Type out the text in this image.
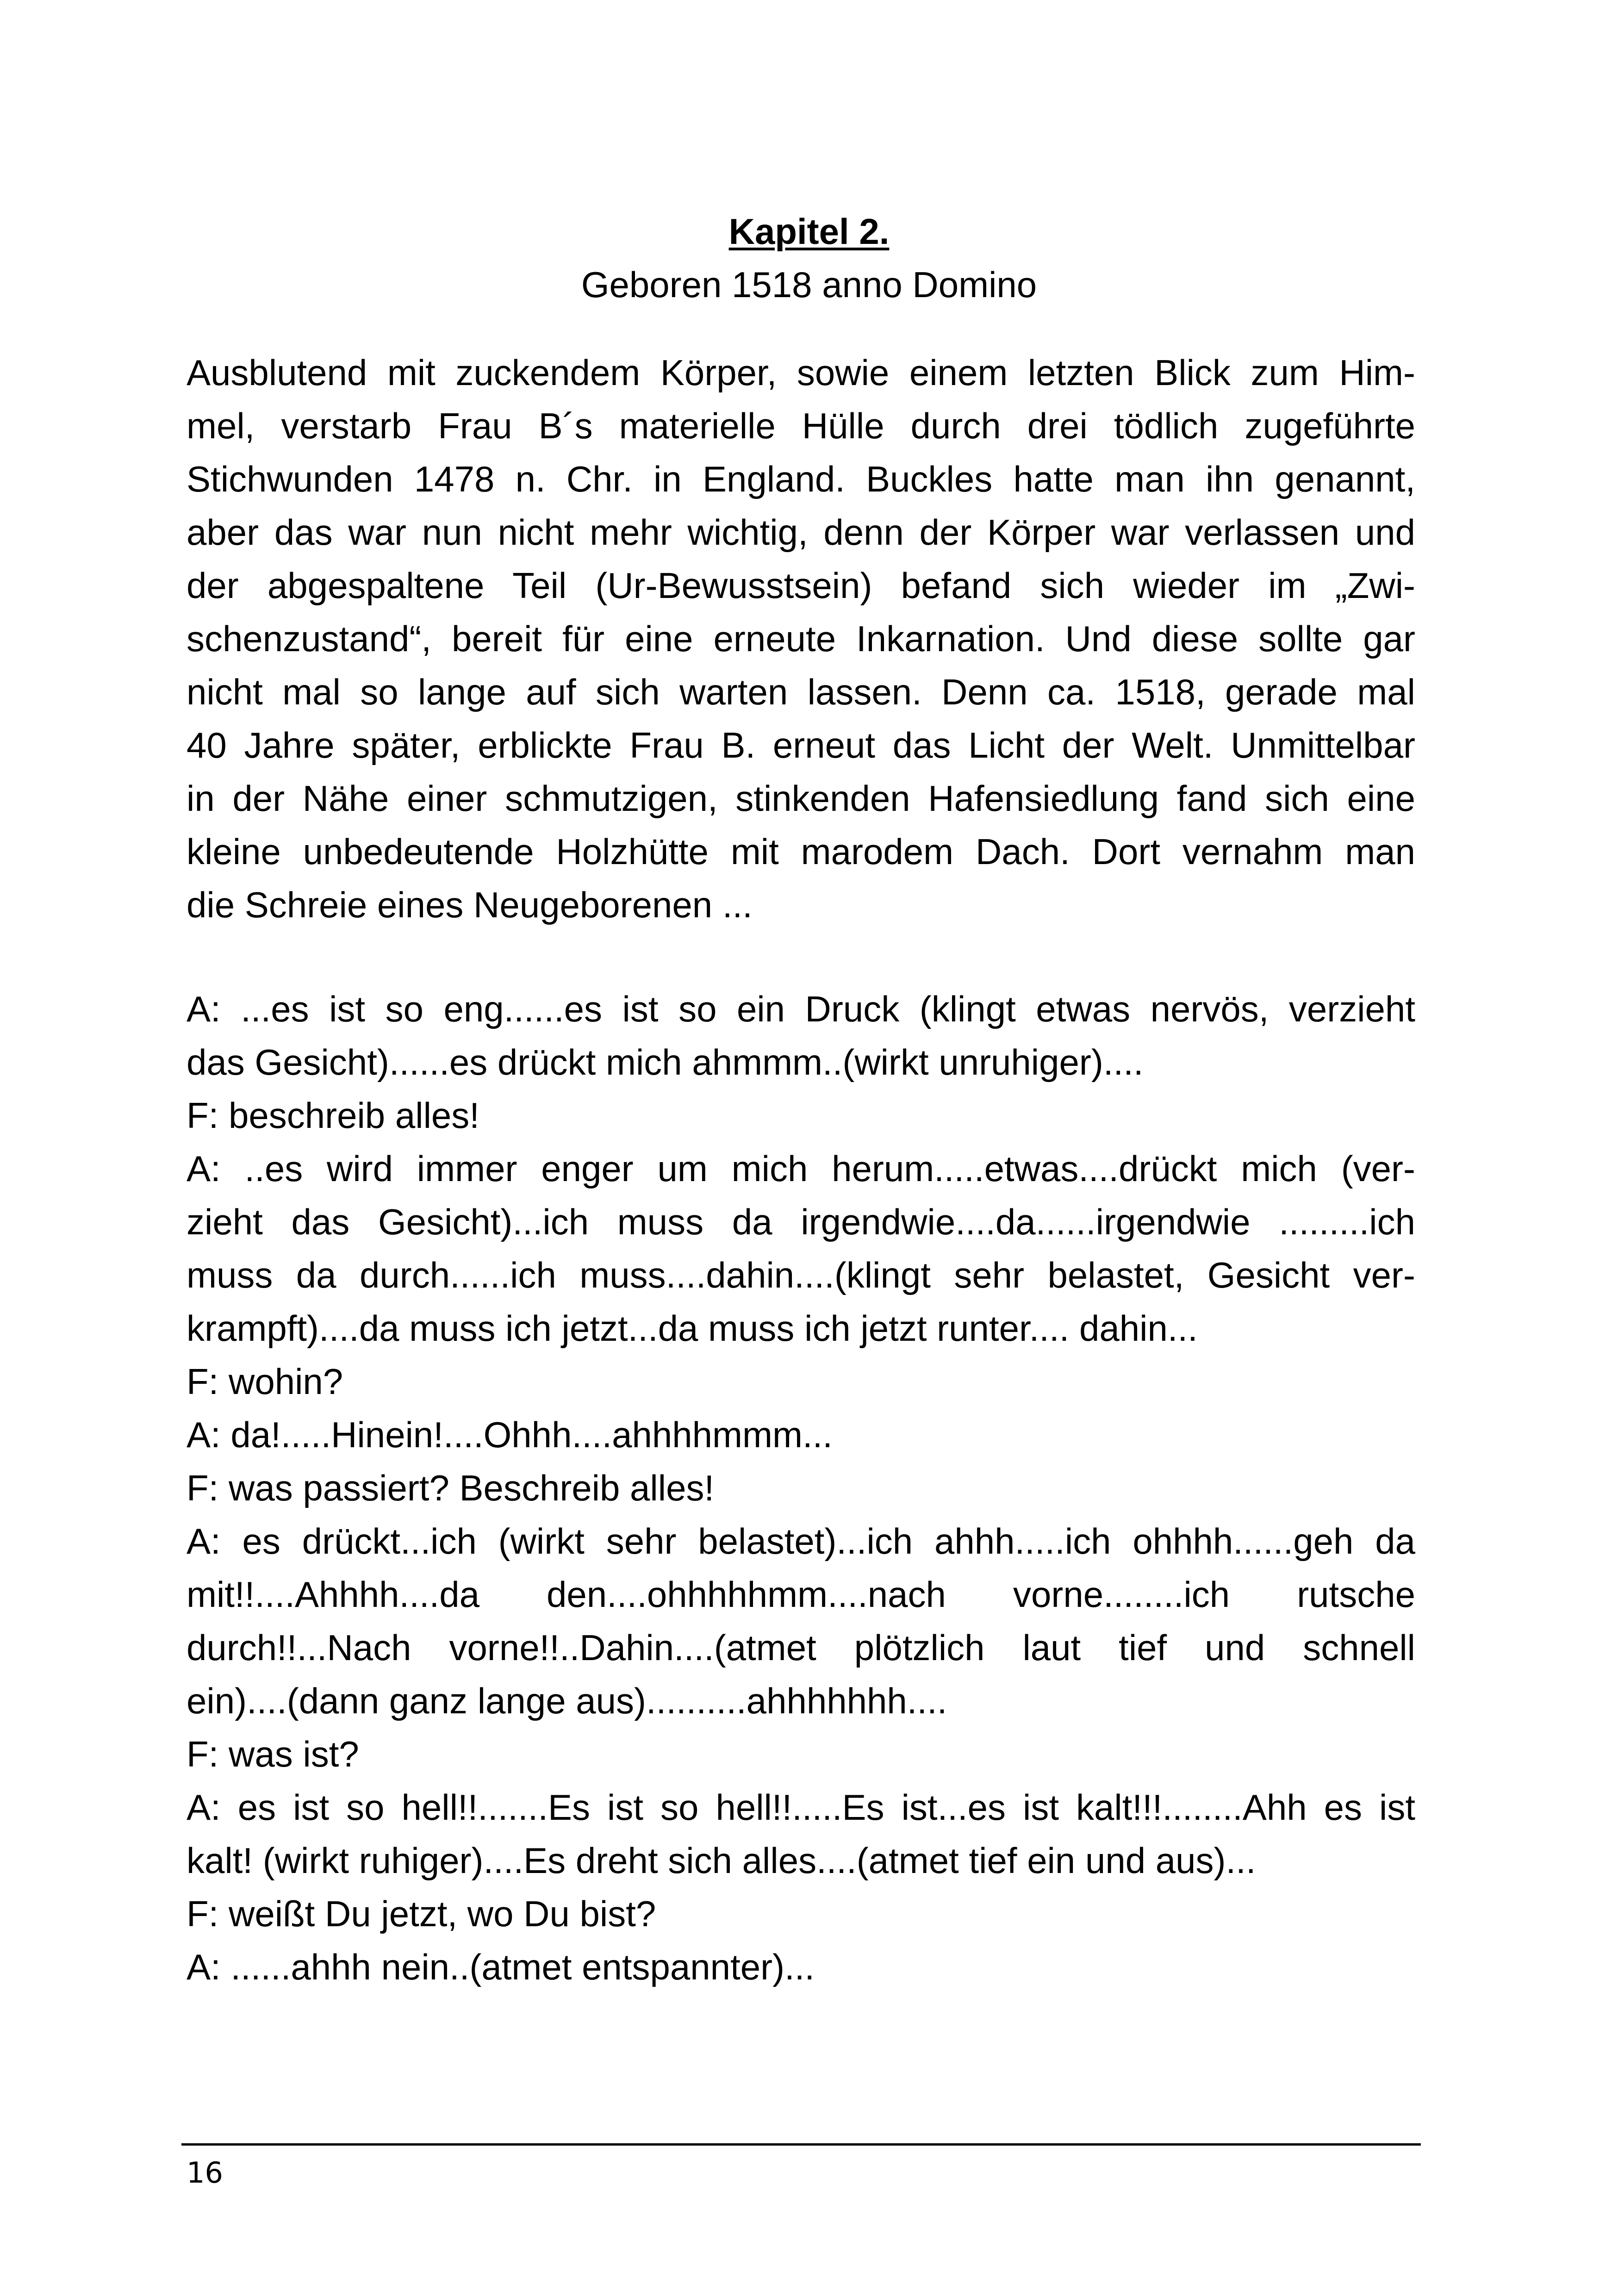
Kapitel 2.
Geboren 1518 anno Domino

Ausblutend mit zuckendem Körper, sowie einem letzten Blick zum Him-

mel, verstarb Frau B´s materielle Hülle durch drei tödlich zugeführte

Stichwunden 1478 n. Chr. in England. Buckles hatte man ihn genannt,

aber das war nun nicht mehr wichtig, denn der Körper war verlassen und

der abgespaltene Teil (Ur-Bewusstsein) befand sich wieder im „Zwi-

schenzustand“, bereit für eine erneute Inkarnation. Und diese sollte gar

nicht mal so lange auf sich warten lassen. Denn ca. 1518, gerade mal

40 Jahre später, erblickte Frau B. erneut das Licht der Welt. Unmittelbar

in der Nähe einer schmutzigen, stinkenden Hafensiedlung fand sich eine

kleine unbedeutende Holzhütte mit marodem Dach. Dort vernahm man

die Schreie eines Neugeborenen ...

A: ...es ist so eng......es ist so ein Druck (klingt etwas nervös, verzieht

das Gesicht)......es drückt mich ahmmm..(wirkt unruhiger)....

F: beschreib alles!

A: ..es wird immer enger um mich herum.....etwas....drückt mich (ver-

zieht das Gesicht)...ich muss da irgendwie....da......irgendwie .........ich

muss da durch......ich muss....dahin....(klingt sehr belastet, Gesicht ver-

krampft)....da muss ich jetzt...da muss ich jetzt runter.... dahin...

F: wohin?

A: da!.....Hinein!....Ohhh....ahhhhmmm...

F: was passiert? Beschreib alles!

A: es drückt...ich (wirkt sehr belastet)...ich ahhh.....ich ohhhh......geh da

mit!!....Ahhhh....da den....ohhhhhmm....nach vorne........ich rutsche

durch!!...Nach vorne!!..Dahin....(atmet plötzlich laut tief und schnell

ein)....(dann ganz lange aus)..........ahhhhhhh....

F: was ist?

A: es ist so hell!!.......Es ist so hell!!.....Es ist...es ist kalt!!!........Ahh es ist

kalt! (wirkt ruhiger)....Es dreht sich alles....(atmet tief ein und aus)...

F: weißt Du jetzt, wo Du bist?

A: ......ahhh nein..(atmet entspannter)...

16
